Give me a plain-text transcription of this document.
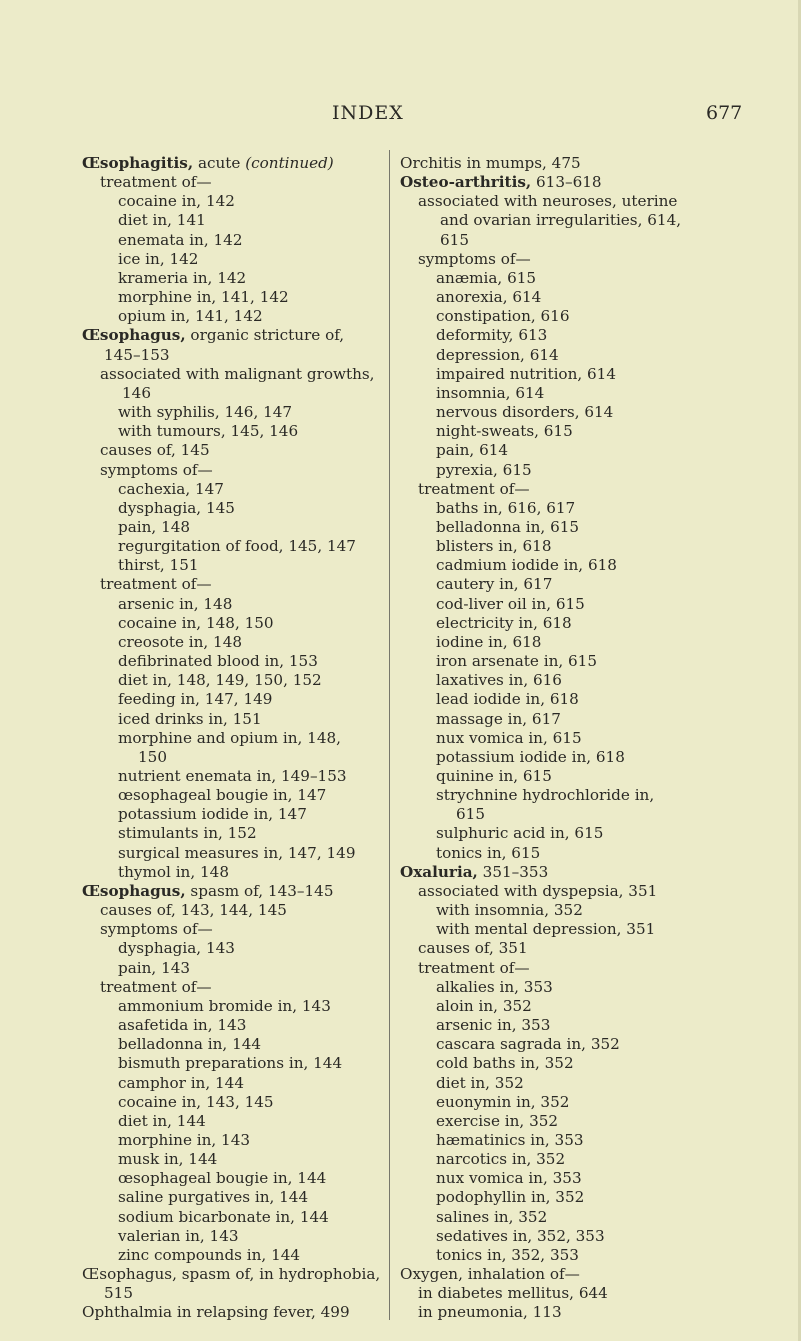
INDEX	677
Œsophagitis, acute (continued)
treatment of—
cocaine in, 142
diet in, 141
enemata in, 142
ice in, 142
krameria in, 142
morphine in, 141, 142
opium in, 141, 142
Œsophagus, organic stricture of,
145–153
associated with malignant growths,
146
with syphilis, 146, 147
with tumours, 145, 146
causes of, 145
symptoms of—
cachexia, 147
dysphagia, 145
pain, 148
regurgitation of food, 145, 147
thirst, 151
treatment of—
arsenic in, 148
cocaine in, 148, 150
creosote in, 148
defibrinated blood in, 153
diet in, 148, 149, 150, 152
feeding in, 147, 149
iced drinks in, 151
morphine and opium in, 148,
150
nutrient enemata in, 149–153
œsophageal bougie in, 147
potassium iodide in, 147
stimulants in, 152
surgical measures in, 147, 149
thymol in, 148
Œsophagus, spasm of, 143–145
causes of, 143, 144, 145
symptoms of—
dysphagia, 143
pain, 143
treatment of—
ammonium bromide in, 143
asafetida in, 143
belladonna in, 144
bismuth preparations in, 144
camphor in, 144
cocaine in, 143, 145
diet in, 144
morphine in, 143
musk in, 144
œsophageal bougie in, 144
saline purgatives in, 144
sodium bicarbonate in, 144
valerian in, 143
zinc compounds in, 144
Œsophagus, spasm of, in hydrophobia,
515
Ophthalmia in relapsing fever, 499
Orchitis in mumps, 475
Osteo-arthritis, 613–618
associated with neuroses, uterine
and ovarian irregularities, 614,
615
symptoms of—
anæmia, 615
anorexia, 614
constipation, 616
deformity, 613
depression, 614
impaired nutrition, 614
insomnia, 614
nervous disorders, 614
night-sweats, 615
pain, 614
pyrexia, 615
treatment of—
baths in, 616, 617
belladonna in, 615
blisters in, 618
cadmium iodide in, 618
cautery in, 617
cod-liver oil in, 615
electricity in, 618
iodine in, 618
iron arsenate in, 615
laxatives in, 616
lead iodide in, 618
massage in, 617
nux vomica in, 615
potassium iodide in, 618
quinine in, 615
strychnine hydrochloride in,
615
sulphuric acid in, 615
tonics in, 615
Oxaluria, 351–353
associated with dyspepsia, 351
with insomnia, 352
with mental depression, 351
causes of, 351
treatment of—
alkalies in, 353
aloin in, 352
arsenic in, 353
cascara sagrada in, 352
cold baths in, 352
diet in, 352
euonymin in, 352
exercise in, 352
hæmatinics in, 353
narcotics in, 352
nux vomica in, 353
podophyllin in, 352
salines in, 352
sedatives in, 352, 353
tonics in, 352, 353
Oxygen, inhalation of—
in diabetes mellitus, 644
in pneumonia, 113
